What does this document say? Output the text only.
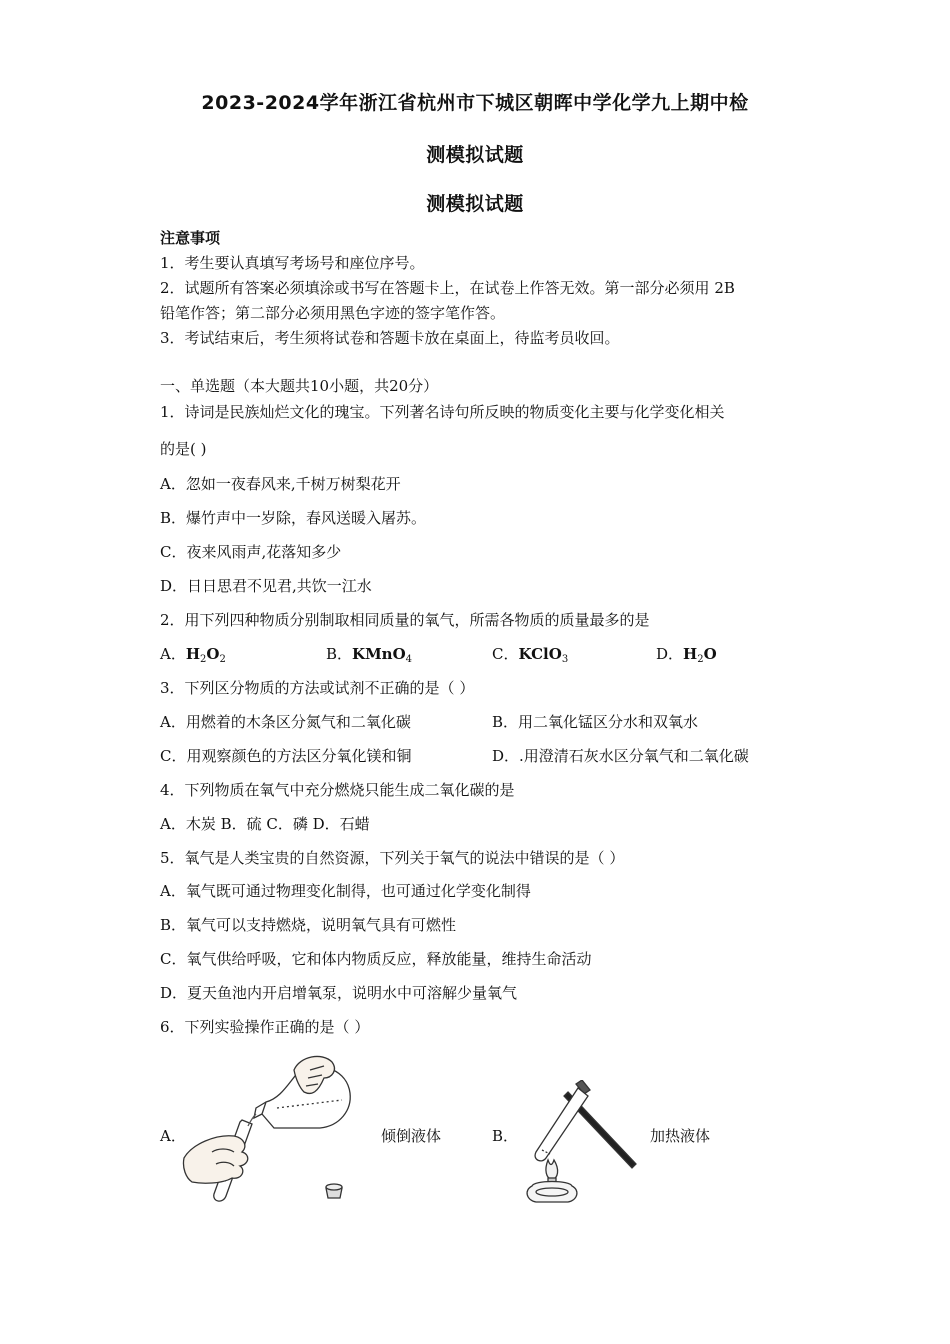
2023-2024学年浙江省杭州市下城区朝晖中学化学九上期中检
测模拟试题
测模拟试题
注意事项
1．考生要认真填写考场号和座位序号。
2．试题所有答案必须填涂或书写在答题卡上，在试卷上作答无效。第一部分必须用 2B
铅笔作答；第二部分必须用黑色字迹的签字笔作答。
3．考试结束后，考生须将试卷和答题卡放在桌面上，待监考员收回。
一、单选题（本大题共10小题，共20分）
1．诗词是民族灿烂文化的瑰宝。下列著名诗句所反映的物质变化主要与化学变化相关
的是( )
A．忽如一夜春风来,千树万树梨花开
B．爆竹声中一岁除，春风送暖入屠苏。
C．夜来风雨声,花落知多少
D．日日思君不见君,共饮一江水
2．用下列四种物质分别制取相同质量的氧气，所需各物质的质量最多的是
A．$H_2O_2$	B．KMnO$_4$	C．KClO$_3$	D．$H_2O$
3．下列区分物质的方法或试剂不正确的是（ ）
A．用燃着的木条区分氮气和二氧化碳	B．用二氧化锰区分水和双氧水
C．用观察颜色的方法区分氧化镁和铜	D．.用澄清石灰水区分氧气和二氧化碳
4．下列物质在氧气中充分燃烧只能生成二氧化碳的是
A．木炭 B．硫 C．磷 D．石蜡
5．氧气是人类宝贵的自然资源，下列关于氧气的说法中错误的是（ ）
A．氧气既可通过物理变化制得，也可通过化学变化制得
B．氧气可以支持燃烧，说明氧气具有可燃性
C．氧气供给呼吸，它和体内物质反应，释放能量，维持生命活动
D．夏天鱼池内开启增氧泵，说明水中可溶解少量氧气
6．下列实验操作正确的是（ ）
A．	倾倒液体	B．	加热液体
